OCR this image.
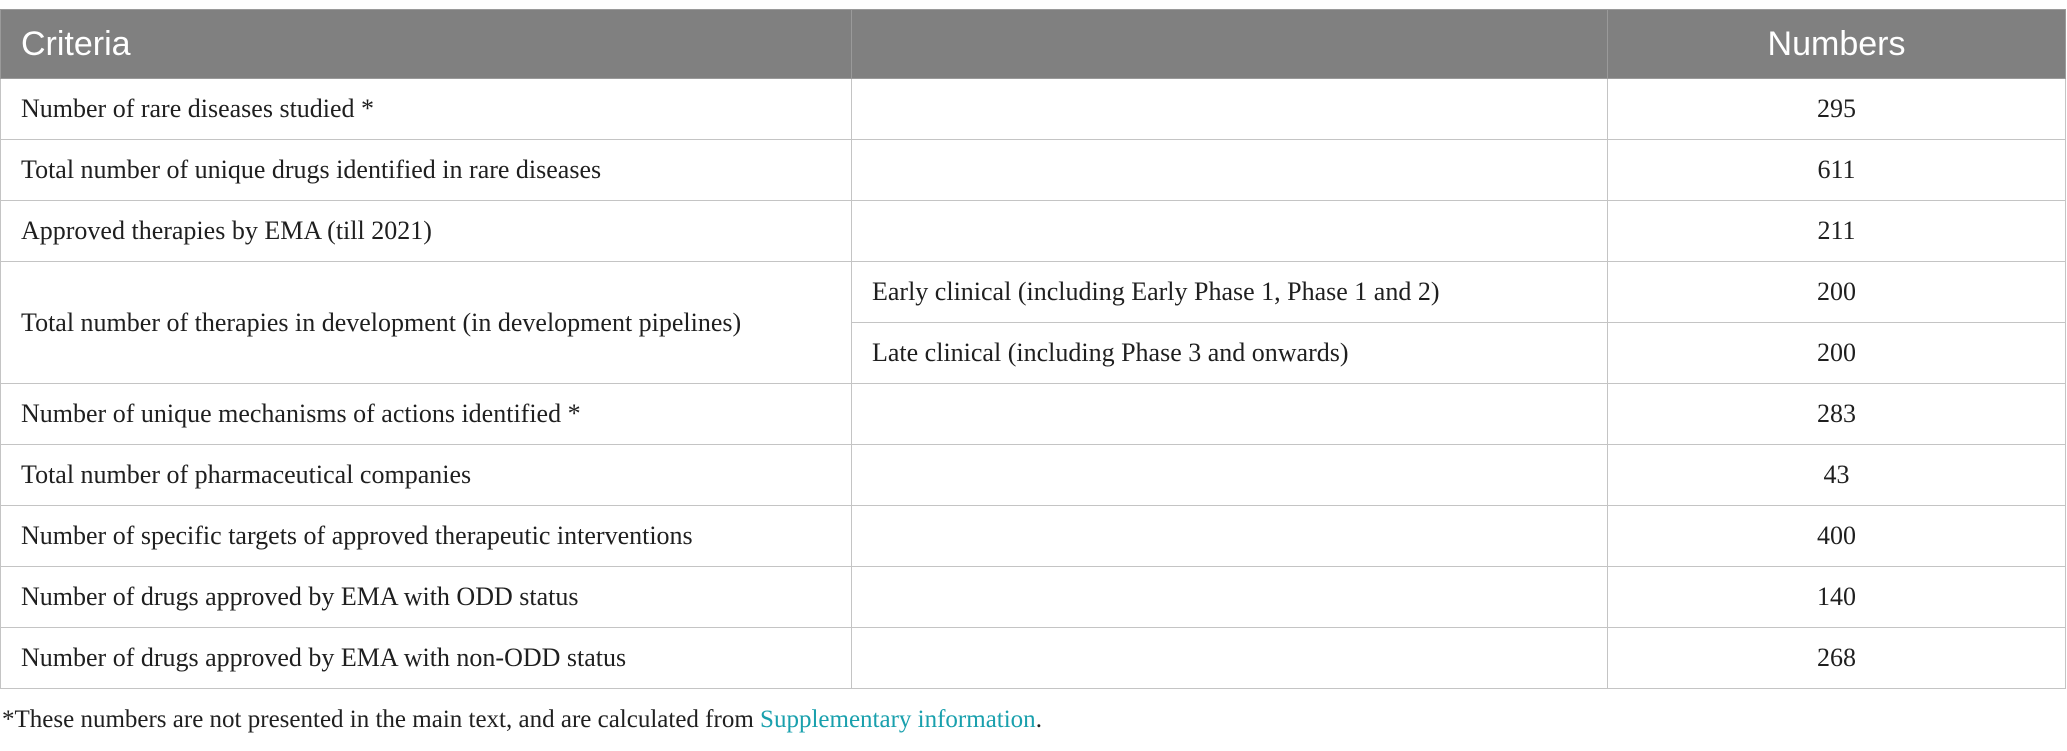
Criteria		Numbers
Number of rare diseases studied *		295
Total number of unique drugs identified in rare diseases		611
Approved therapies by EMA (till 2021)		211
Total number of therapies in development (in development pipelines)	Early clinical (including Early Phase 1, Phase 1 and 2)	200
	Late clinical (including Phase 3 and onwards)	200
Number of unique mechanisms of actions identified *		283
Total number of pharmaceutical companies		43
Number of specific targets of approved therapeutic interventions		400
Number of drugs approved by EMA with ODD status		140
Number of drugs approved by EMA with non-ODD status		268
*These numbers are not presented in the main text, and are calculated from Supplementary information.
